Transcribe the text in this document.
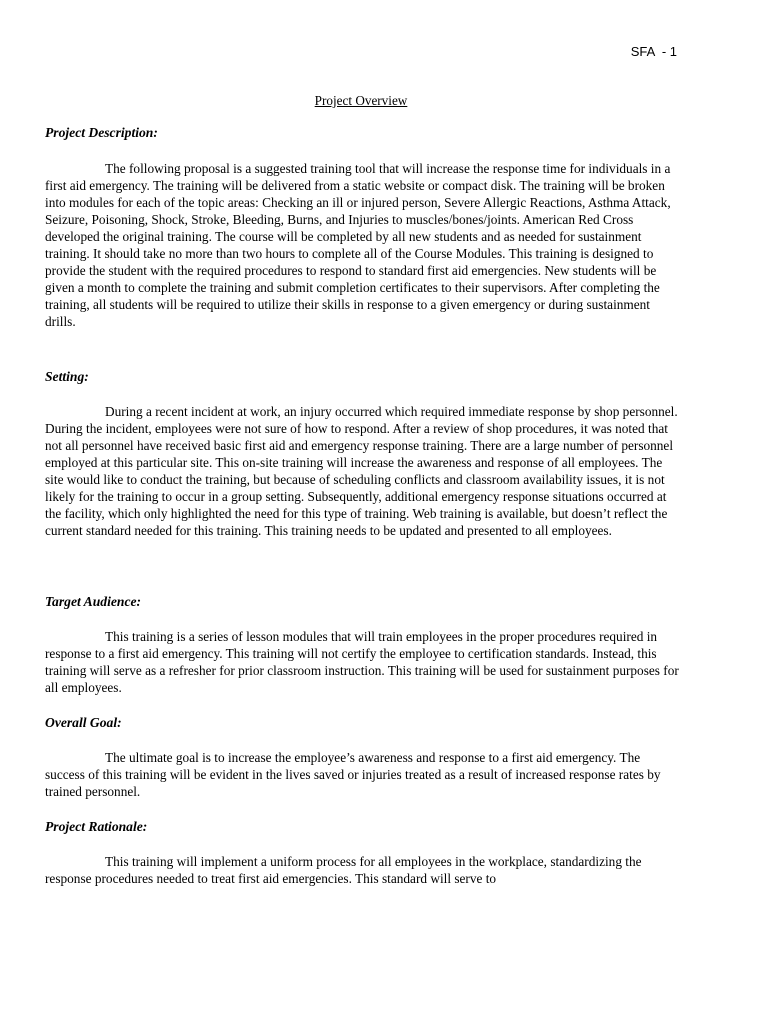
SFA  - 1
Project Overview
Project Description:
The following proposal is a suggested training tool that will increase the response time for individuals in a first aid emergency. The training will be delivered from a static website or compact disk. The training will be broken into modules for each of the topic areas: Checking an ill or injured person, Severe Allergic Reactions, Asthma Attack, Seizure, Poisoning, Shock, Stroke, Bleeding, Burns, and Injuries to muscles/bones/joints. American Red Cross developed the original training. The course will be completed by all new students and as needed for sustainment training. It should take no more than two hours to complete all of the Course Modules. This training is designed to provide the student with the required procedures to respond to standard first aid emergencies. New students will be given a month to complete the training and submit completion certificates to their supervisors. After completing the training, all students will be required to utilize their skills in response to a given emergency or during sustainment drills.
Setting:
During a recent incident at work, an injury occurred which required immediate response by shop personnel. During the incident, employees were not sure of how to respond. After a review of shop procedures, it was noted that not all personnel have received basic first aid and emergency response training. There are a large number of personnel employed at this particular site. This on-site training will increase the awareness and response of all employees. The site would like to conduct the training, but because of scheduling conflicts and classroom availability issues, it is not likely for the training to occur in a group setting. Subsequently, additional emergency response situations occurred at the facility, which only highlighted the need for this type of training. Web training is available, but doesn’t reflect the current standard needed for this training. This training needs to be updated and presented to all employees.
Target Audience:
This training is a series of lesson modules that will train employees in the proper procedures required in response to a first aid emergency. This training will not certify the employee to certification standards. Instead, this training will serve as a refresher for prior classroom instruction. This training will be used for sustainment purposes for all employees.
Overall Goal:
The ultimate goal is to increase the employee’s awareness and response to a first aid emergency. The success of this training will be evident in the lives saved or injuries treated as a result of increased response rates by trained personnel.
Project Rationale:
This training will implement a uniform process for all employees in the workplace, standardizing the response procedures needed to treat first aid emergencies. This standard will serve to
